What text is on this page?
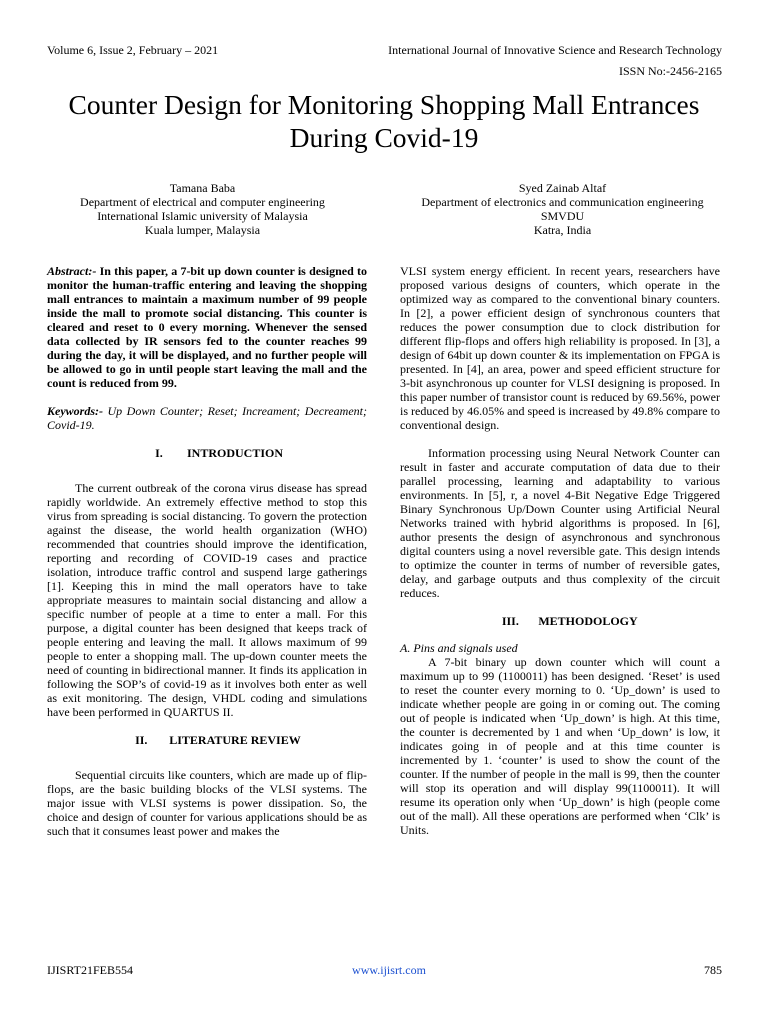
Volume 6, Issue 2, February – 2021	International Journal of Innovative Science and Research Technology
ISSN No:-2456-2165
Counter Design for Monitoring Shopping Mall Entrances During Covid-19
Tamana Baba
Department of electrical and computer engineering
International Islamic university of Malaysia
Kuala lumper, Malaysia
Syed Zainab Altaf
Department of electronics and communication engineering
SMVDU
Katra, India

Abstract:- In this paper, a 7-bit up down counter is designed to monitor the human-traffic entering and leaving the shopping mall entrances to maintain a maximum number of 99 people inside the mall to promote social distancing. This counter is cleared and reset to 0 every morning. Whenever the sensed data collected by IR sensors fed to the counter reaches 99 during the day, it will be displayed, and no further people will be allowed to go in until people start leaving the mall and the count is reduced from 99.

Keywords:- Up Down Counter; Reset; Increament; Decreament; Covid-19.

I. INTRODUCTION

The current outbreak of the corona virus disease has spread rapidly worldwide. An extremely effective method to stop this virus from spreading is social distancing. To govern the protection against the disease, the world health organization (WHO) recommended that countries should improve the identification, reporting and recording of COVID-19 cases and practice isolation, introduce traffic control and suspend large gatherings [1]. Keeping this in mind the mall operators have to take appropriate measures to maintain social distancing and allow a specific number of people at a time to enter a mall. For this purpose, a digital counter has been designed that keeps track of people entering and leaving the mall. It allows maximum of 99 people to enter a shopping mall. The up-down counter meets the need of counting in bidirectional manner. It finds its application in following the SOP’s of covid-19 as it involves both enter as well as exit monitoring. The design, VHDL coding and simulations have been performed in QUARTUS II.

II. LITERATURE REVIEW

Sequential circuits like counters, which are made up of flip-flops, are the basic building blocks of the VLSI systems. The major issue with VLSI systems is power dissipation. So, the choice and design of counter for various applications should be as such that it consumes least power and makes the

VLSI system energy efficient. In recent years, researchers have proposed various designs of counters, which operate in the optimized way as compared to the conventional binary counters. In [2], a power efficient design of synchronous counters that reduces the power consumption due to clock distribution for different flip-flops and offers high reliability is proposed. In [3], a design of 64bit up down counter & its implementation on FPGA is presented. In [4], an area, power and speed efficient structure for 3-bit asynchronous up counter for VLSI designing is proposed. In this paper number of transistor count is reduced by 69.56%, power is reduced by 46.05% and speed is increased by 49.8% compare to conventional design.

Information processing using Neural Network Counter can result in faster and accurate computation of data due to their parallel processing, learning and adaptability to various environments. In [5], r, a novel 4-Bit Negative Edge Triggered Binary Synchronous Up/Down Counter using Artificial Neural Networks trained with hybrid algorithms is proposed. In [6], author presents the design of asynchronous and synchronous digital counters using a novel reversible gate. This design intends to optimize the counter in terms of number of reversible gates, delay, and garbage outputs and thus complexity of the circuit reduces.

III. METHODOLOGY

A. Pins and signals used

A 7-bit binary up down counter which will count a maximum up to 99 (1100011) has been designed. ‘Reset’ is used to reset the counter every morning to 0. ‘Up_down’ is used to indicate whether people are going in or coming out. The coming out of people is indicated when ‘Up_down’ is high. At this time, the counter is decremented by 1 and when ‘Up_down’ is low, it indicates going in of people and at this time counter is incremented by 1. ‘counter’ is used to show the count of the counter. If the number of people in the mall is 99, then the counter will stop its operation and will display 99(1100011). It will resume its operation only when ‘Up_down’ is high (people come out of the mall). All these operations are performed when ‘Clk’ is Units.

IJISRT21FEB554	www.ijisrt.com	785
